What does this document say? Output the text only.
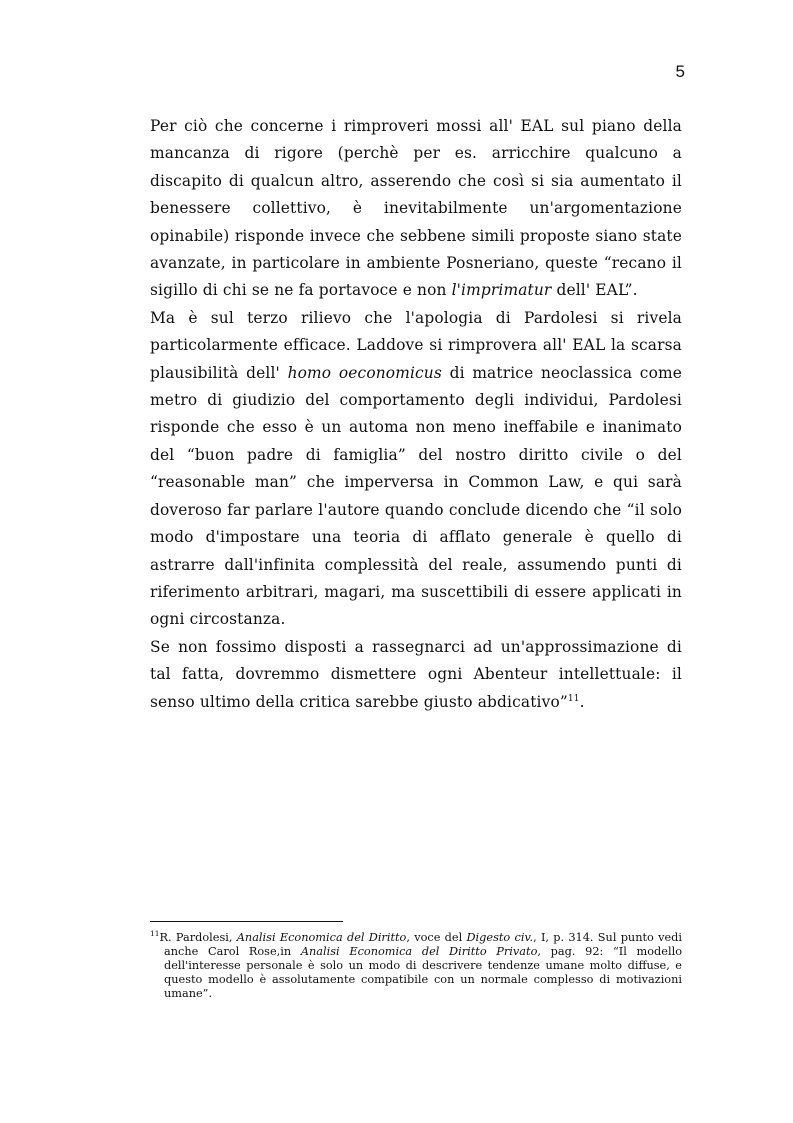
5

Per ciò che concerne i rimproveri mossi all' EAL sul piano della mancanza di rigore (perchè per es. arricchire qualcuno a discapito di qualcun altro, asserendo che così si sia aumentato il benessere collettivo, è inevitabilmente un'argomentazione opinabile) risponde invece che sebbene simili proposte siano state avanzate, in particolare in ambiente Posneriano, queste “recano il sigillo di chi se ne fa portavoce e non l'imprimatur dell' EAL”.

Ma è sul terzo rilievo che l'apologia di Pardolesi si rivela particolarmente efficace. Laddove si rimprovera all' EAL la scarsa plausibilità dell' homo oeconomicus di matrice neoclassica come metro di giudizio del comportamento degli individui, Pardolesi risponde che esso è un automa non meno ineffabile e inanimato del “buon padre di famiglia” del nostro diritto civile o del “reasonable man” che imperversa in Common Law, e qui sarà doveroso far parlare l'autore quando conclude dicendo che “il solo modo d'impostare una teoria di afflato generale è quello di astrarre dall'infinita complessità del reale, assumendo punti di riferimento arbitrari, magari, ma suscettibili di essere applicati in ogni circostanza.

Se non fossimo disposti a rassegnarci ad un'approssimazione di tal fatta, dovremmo dismettere ogni Abenteur intellettuale: il senso ultimo della critica sarebbe giusto abdicativo”$^{11}$.

$^{11}$R. Pardolesi, Analisi Economica del Diritto, voce del Digesto civ., I, p. 314. Sul punto vedi anche Carol Rose,in Analisi Economica del Diritto Privato, pag. 92: “Il modello dell'interesse personale è solo un modo di descrivere tendenze umane molto diffuse, e questo modello è assolutamente compatibile con un normale complesso di motivazioni umane”.
